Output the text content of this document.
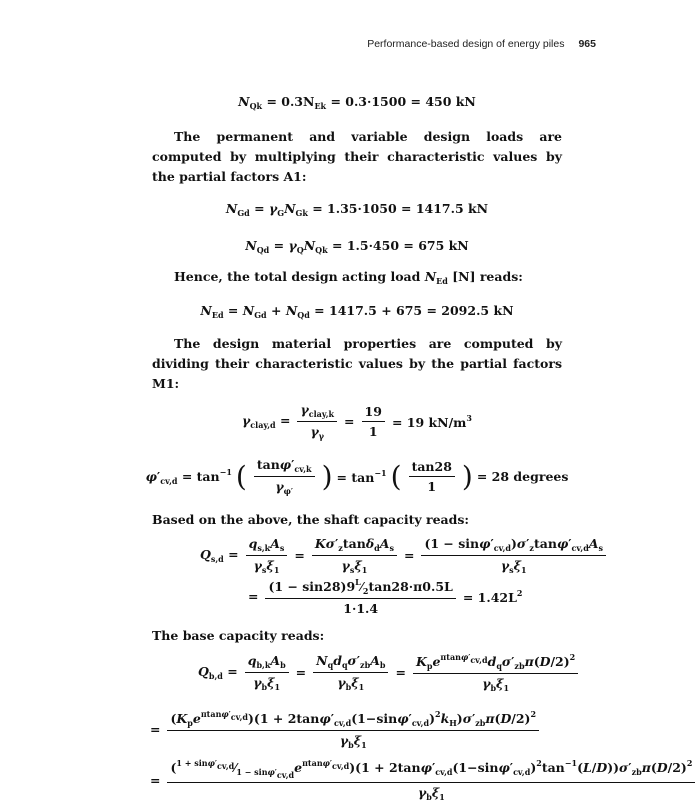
Performance-based design of energy piles 965
$N_{Qk} = 0.3N_{Ek} = 0.3\cdot 1500 = 450$ kN
The permanent and variable design loads are computed by multiplying their characteristic values by the partial factors A1:
$N_{Gd} = \gamma_GN_{Gk} = 1.35\cdot 1050 = 1417.5$ kN
$N_{Qd} = \gamma_QN_{Qk} = 1.5\cdot 450 = 675$ kN
Hence, the total design acting load $N_{Ed}$ [N] reads:
$N_{Ed} = N_{Gd} + N_{Qd} = 1417.5 + 675 = 2092.5$ kN
The design material properties are computed by dividing their characteristic values by the partial factors M1:
$\gamma_{clay,d} = \frac{\gamma_{clay,k}}{\gamma_\gamma} = \frac{19}{1} = 19$ $kN/m^3$
$\varphi'_{cv,d} = \tan^{-1}$ ( $\frac{\tan\varphi'_{cv,k}}{\gamma_{\varphi'}}$ ) = $\tan^{-1}$ ( $\frac{\tan 28}{1}$ ) = 28 degrees
Based on the above, the shaft capacity reads:
$Q_{s,d} = \frac{q_{s,k}A_s}{\gamma_s\xi_1} = \frac{K\sigma'_z\tan\delta_dA_s}{\gamma_s\xi_1} = \frac{(1 - \sin\varphi'_{cv,d})\sigma'_z\tan\varphi'_{cv,d}A_s}{\gamma_s\xi_1}$
= $\frac{(1 - \sin 28)9^L⁄_2\tan 28\cdot\pi 0.5L}{1\cdot 1.4} = 1.42L^2$
The base capacity reads:
$Q_{b,d} = \frac{q_{b,k}A_b}{\gamma_b\xi_1} = \frac{N_qd_q\sigma'_{zb}A_b}{\gamma_b\xi_1} = \frac{K_pe^{\pi tan\varphi'_{cv,d}}d_q\sigma'_{zb}\pi(D/2)^2}{\gamma_b\xi_1}$
= $\frac{(K_pe^{\pi tan\varphi'_{cv,d}})(1 + 2\tan\varphi'_{cv,d}(1-\sin\varphi'_{cv,d})^2k_H)\sigma'_{zb}\pi(D/2)^2}{\gamma_b\xi_1}$
=
$(^{1 + sin\varphi'_{cv,d}}⁄_{1 - sin\varphi'_{cv,d}}e^{\pi tan\varphi'_{cv,d}})(1 + 2\tan\varphi'_{cv,d}(1-\sin\varphi'_{cv,d})^2\tan^{-1}(L/D))\sigma'_{zb}\pi(D/2)^2$
$\gamma_b\xi_1$
